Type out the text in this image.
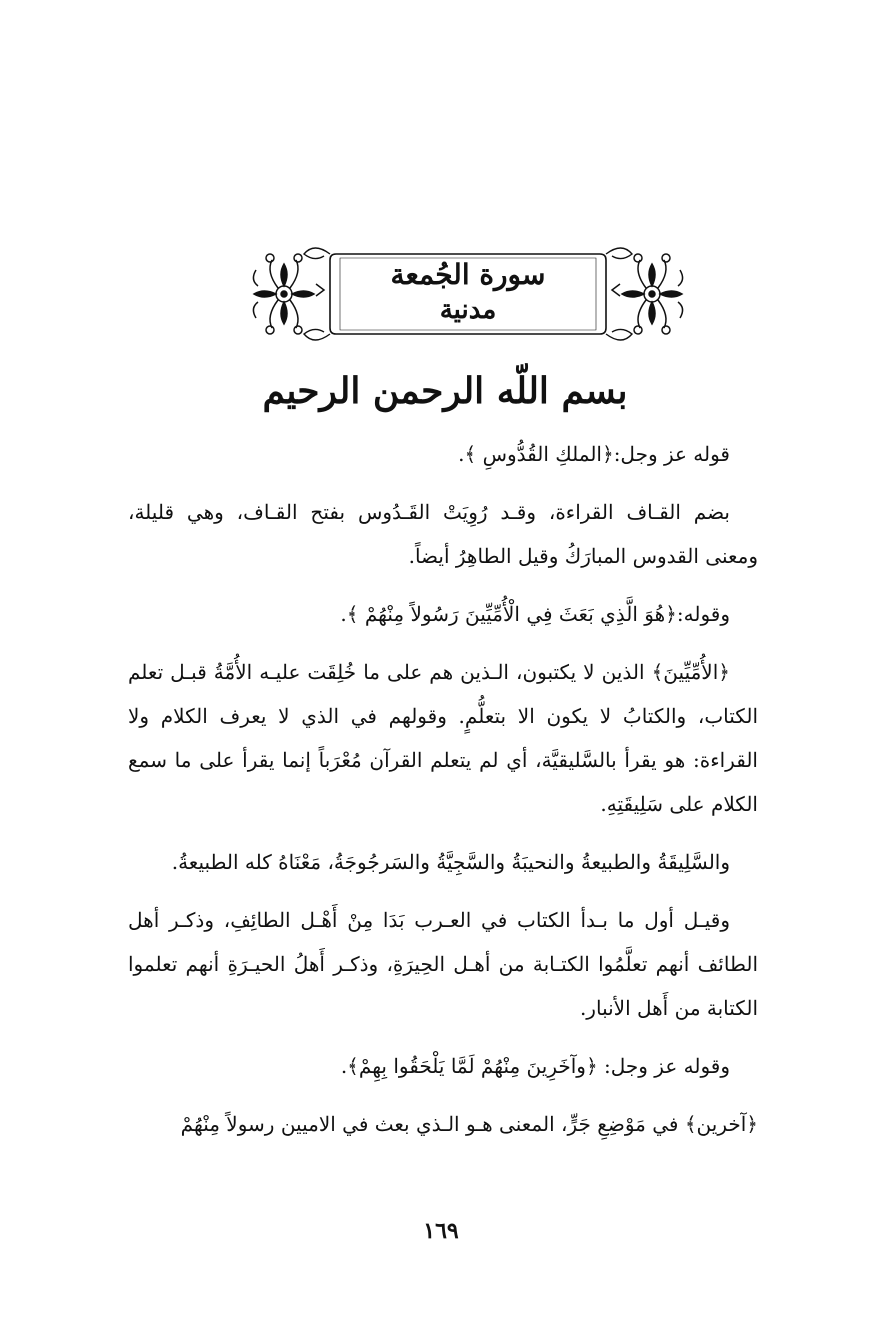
سورة الجُمعة
مدنية
بسم اللّه الرحمن الرحيم

قوله عز وجل:﴿الملكِ القُدُّوسِ ﴾.

بضم القـاف القراءة، وقـد رُوِيَتْ القَـدُوس بفتح القـاف، وهي قليلة، ومعنى القدوس المبارَكُ وقيل الطاهِرُ أيضاً.

وقوله:﴿هُوَ الَّذِي بَعَثَ فِي الْأُمِّيِّينَ رَسُولاً مِنْهُمْ ﴾.

﴿الأُمِّيِّينَ﴾ الذين لا يكتبون، الـذين هم على ما خُلِقَت عليـه الأُمَّةُ قبـل تعلم الكتاب، والكتابُ لا يكون الا بتعلُّمٍ. وقولهم في الذي لا يعرف الكلام ولا القراءة: هو يقرأ بالسَّليقيَّة، أي لم يتعلم القرآن مُعْرَباً إنما يقرأ على ما سمع الكلام على سَلِيقَتِهِ.

والسَّلِيقَةُ والطبيعةُ والنحيبَةُ والسَّجِيَّةُ والسَرجُوجَةُ، مَعْنَاهُ كله الطبيعةُ.

وقيـل أول ما بـدأ الكتاب في العـرب بَدَا مِنْ أَهْـل الطائِفِ، وذكـر أهل الطائف أنهم تعلَّمُوا الكتـابة من أهـل الحِيرَةِ، وذكـر أَهلُ الحيـرَةِ أنهم تعلموا الكتابة من أَهل الأنبار.

وقوله عز وجل: ﴿وآخَرِينَ مِنْهُمْ لَمَّا يَلْحَقُوا بِهِمْ﴾.

﴿آخرين﴾ في مَوْضِعِ جَرٍّ، المعنى هـو الـذي بعث في الاميين رسولاً مِنْهُمْ

١٦٩
